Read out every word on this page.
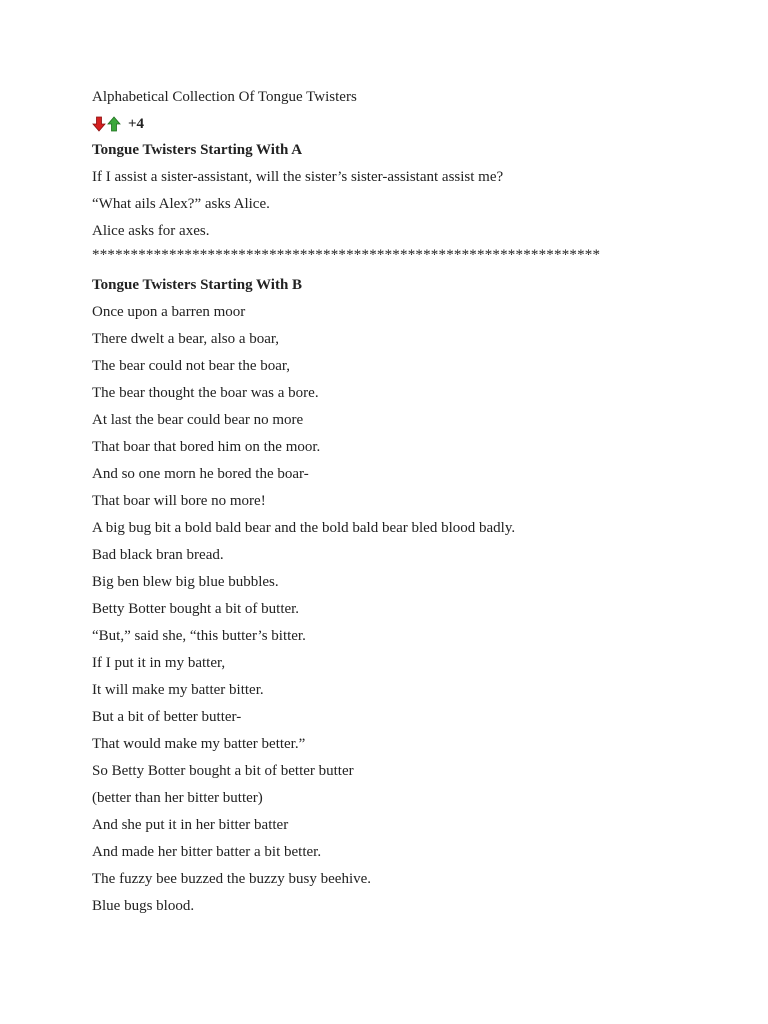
Alphabetical Collection Of Tongue Twisters
+4
Tongue Twisters Starting With A
If I assist a sister-assistant, will the sister’s sister-assistant assist me?
“What ails Alex?” asks Alice.
Alice asks for axes.
******************************************************************
Tongue Twisters Starting With B
Once upon a barren moor
There dwelt a bear, also a boar,
The bear could not bear the boar,
The bear thought the boar was a bore.
At last the bear could bear no more
That boar that bored him on the moor.
And so one morn he bored the boar-
That boar will bore no more!
A big bug bit a bold bald bear and the bold bald bear bled blood badly.
Bad black bran bread.
Big ben blew big blue bubbles.
Betty Botter bought a bit of butter.
“But,” said she, “this butter’s bitter.
If I put it in my batter,
It will make my batter bitter.
But a bit of better butter-
That would make my batter better.”
So Betty Botter bought a bit of better butter
(better than her bitter butter)
And she put it in her bitter batter
And made her bitter batter a bit better.
The fuzzy bee buzzed the buzzy busy beehive.
Blue bugs blood.
